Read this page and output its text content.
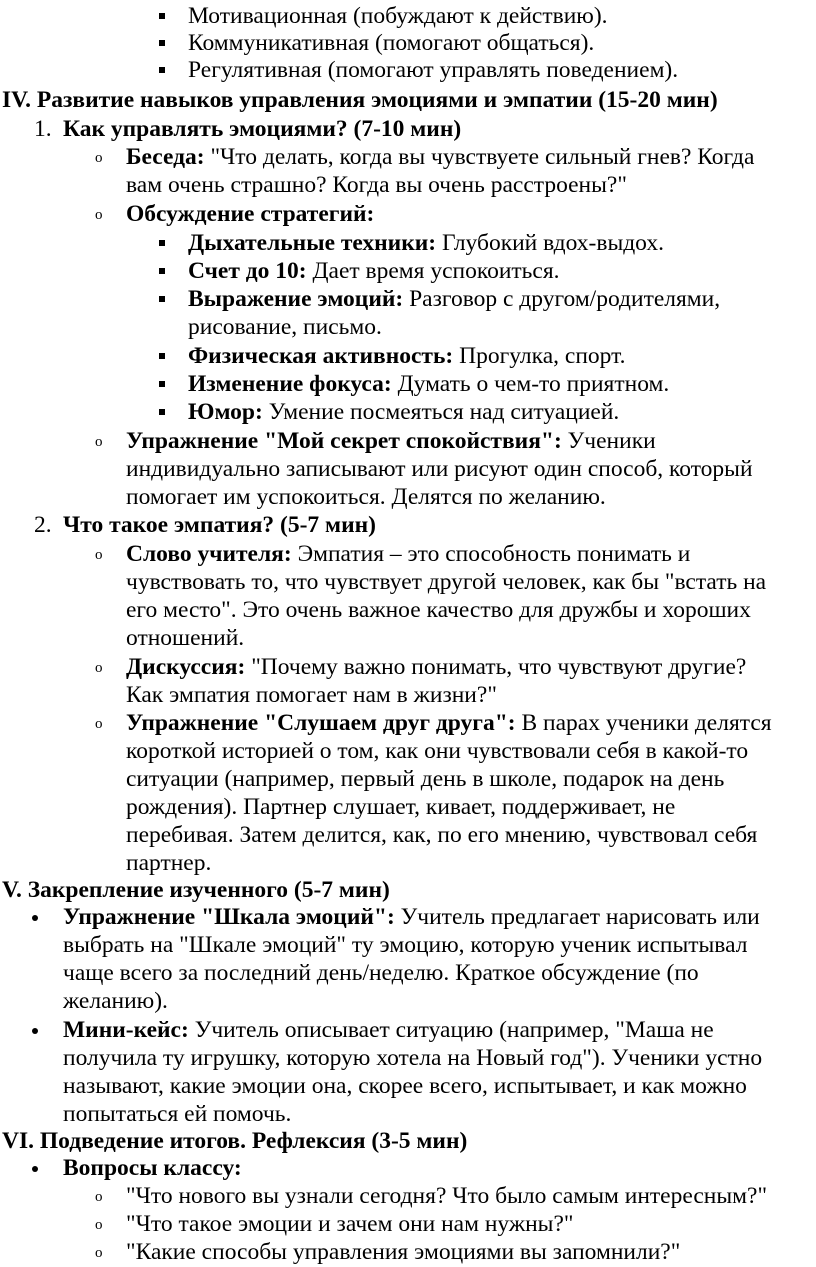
Мотивационная (побуждают к действию).
Коммуникативная (помогают общаться).
Регулятивная (помогают управлять поведением).
IV. Развитие навыков управления эмоциями и эмпатии (15-20 мин)
1. Как управлять эмоциями? (7-10 мин)
o Беседа: "Что делать, когда вы чувствуете сильный гнев? Когда
вам очень страшно? Когда вы очень расстроены?"
o Обсуждение стратегий:
Дыхательные техники: Глубокий вдох-выдох.
Счет до 10: Дает время успокоиться.
Выражение эмоций: Разговор с другом/родителями,
рисование, письмо.
Физическая активность: Прогулка, спорт.
Изменение фокуса: Думать о чем-то приятном.
Юмор: Умение посмеяться над ситуацией.
o Упражнение "Мой секрет спокойствия": Ученики
индивидуально записывают или рисуют один способ, который
помогает им успокоиться. Делятся по желанию.
2. Что такое эмпатия? (5-7 мин)
o Слово учителя: Эмпатия – это способность понимать и
чувствовать то, что чувствует другой человек, как бы "встать на
его место". Это очень важное качество для дружбы и хороших
отношений.
o Дискуссия: "Почему важно понимать, что чувствуют другие?
Как эмпатия помогает нам в жизни?"
o Упражнение "Слушаем друг друга": В парах ученики делятся
короткой историей о том, как они чувствовали себя в какой-то
ситуации (например, первый день в школе, подарок на день
рождения). Партнер слушает, кивает, поддерживает, не
перебивая. Затем делится, как, по его мнению, чувствовал себя
партнер.
V. Закрепление изученного (5-7 мин)
Упражнение "Шкала эмоций": Учитель предлагает нарисовать или
выбрать на "Шкале эмоций" ту эмоцию, которую ученик испытывал
чаще всего за последний день/неделю. Краткое обсуждение (по
желанию).
Мини-кейс: Учитель описывает ситуацию (например, "Маша не
получила ту игрушку, которую хотела на Новый год"). Ученики устно
называют, какие эмоции она, скорее всего, испытывает, и как можно
попытаться ей помочь.
VI. Подведение итогов. Рефлексия (3-5 мин)
Вопросы классу:
o "Что нового вы узнали сегодня? Что было самым интересным?"
o "Что такое эмоции и зачем они нам нужны?"
o "Какие способы управления эмоциями вы запомнили?"
